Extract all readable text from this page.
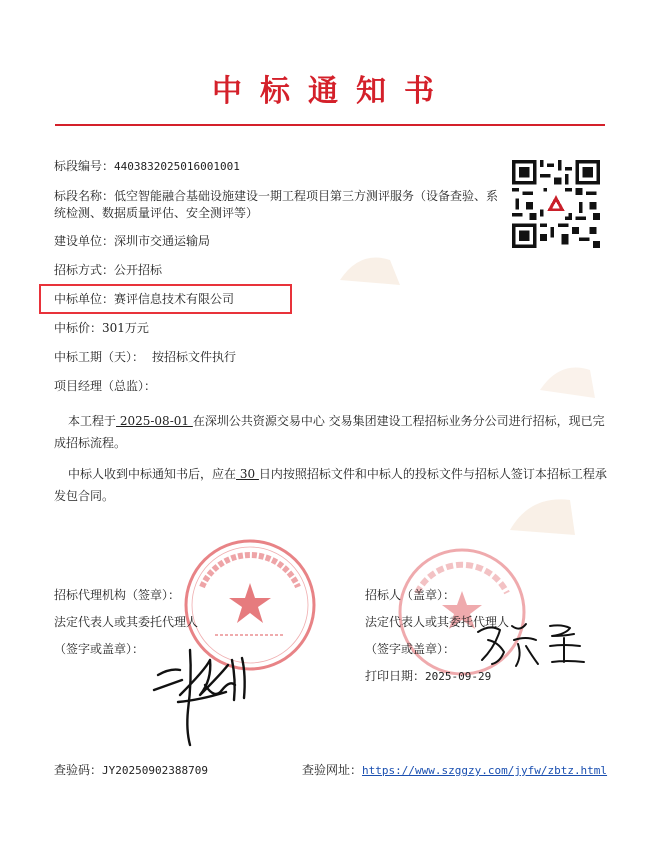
中标通知书
标段编号：4403832025016001001
标段名称：低空智能融合基础设施建设一期工程项目第三方测评服务（设备查验、系统检测、数据质量评估、安全测评等）
建设单位：深圳市交通运输局
招标方式：公开招标
中标单位：赛评信息技术有限公司
中标价：301万元
中标工期（天）： 按招标文件执行
项目经理（总监）：
本工程于 2025-08-01 在深圳公共资源交易中心 交易集团建设工程招标业务分公司进行招标，现已完成招标流程。
中标人收到中标通知书后，应在 30 日内按照招标文件和中标人的投标文件与招标人签订本招标工程承发包合同。
招标代理机构（签章）：
法定代表人或其委托代理人
（签字或盖章）：
招标人（盖章）：
法定代表人或其委托代理人
（签字或盖章）：
打印日期：2025-09-29
查验码：JY20250902388709	查验网址：https://www.szggzy.com/jyfw/zbtz.html
